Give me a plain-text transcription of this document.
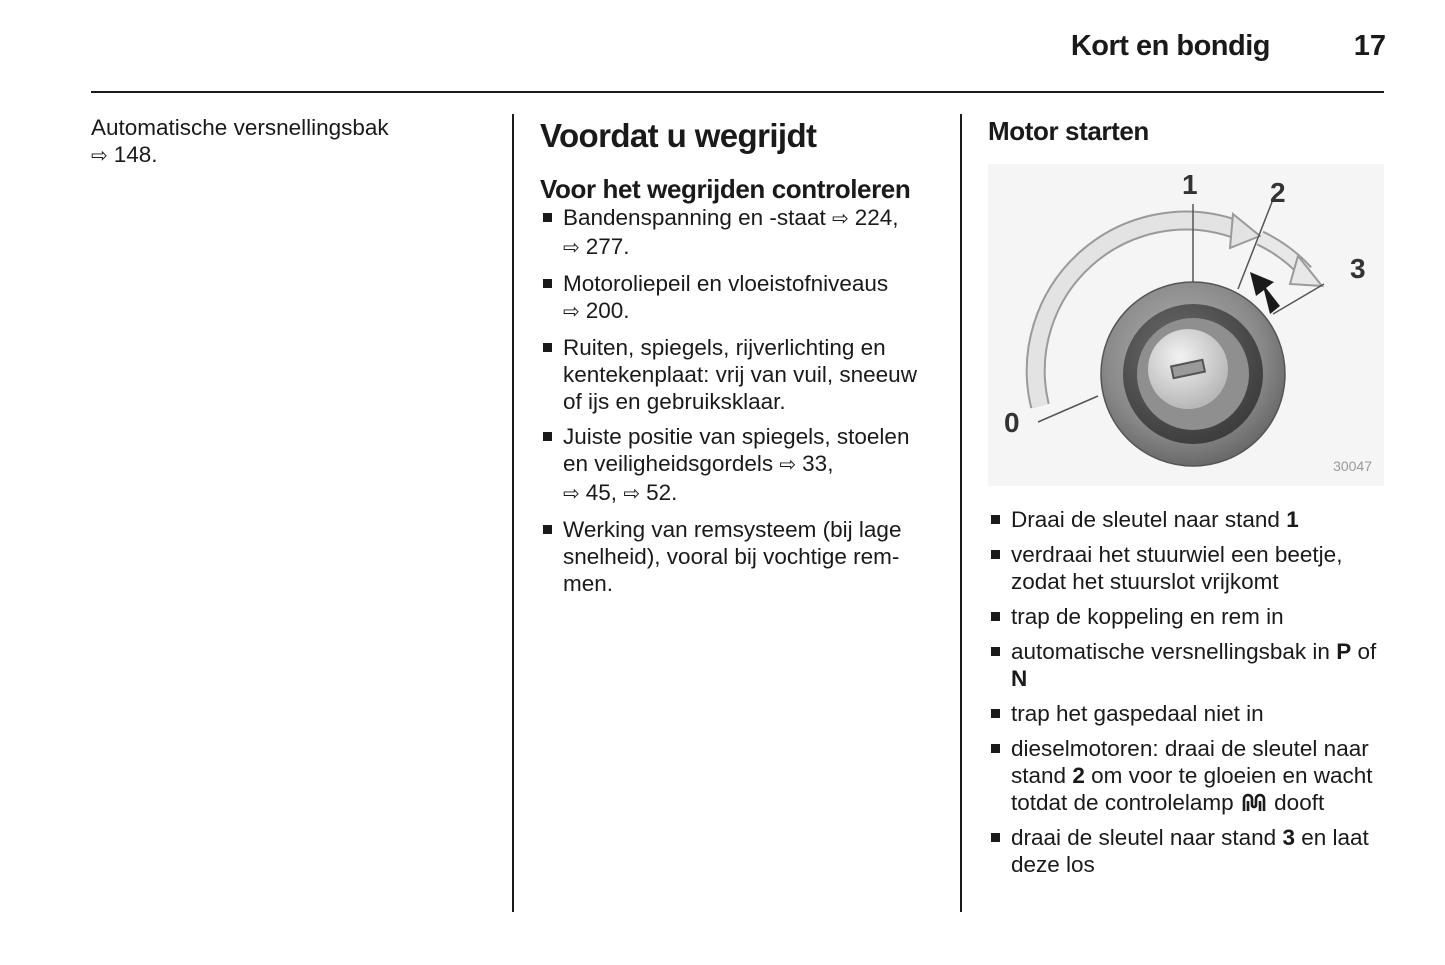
Kort en bondig	17
Automatische versnellingsbak
⇨ 148.
Voordat u wegrijdt
Voor het wegrijden controleren
Bandenspanning en -staat ⇨ 224,
⇨ 277.
Motoroliepeil en vloeistofniveaus
⇨ 200.
Ruiten, spiegels, rijverlichting en kentekenplaat: vrij van vuil, sneeuw of ijs en gebruiksklaar.
Juiste positie van spiegels, stoelen en veiligheidsgordels ⇨ 33,
⇨ 45, ⇨ 52.
Werking van remsysteem (bij lage snelheid), vooral bij vochtige rem-men.
Motor starten
0
1	2
3
30047
Draai de sleutel naar stand 1
verdraai het stuurwiel een beetje, zodat het stuurslot vrijkomt
trap de koppeling en rem in
automatische versnellingsbak in P of N
trap het gaspedaal niet in
dieselmotoren: draai de sleutel naar stand 2 om voor te gloeien en wacht totdat de controlelamp dooft
draai de sleutel naar stand 3 en laat deze los
